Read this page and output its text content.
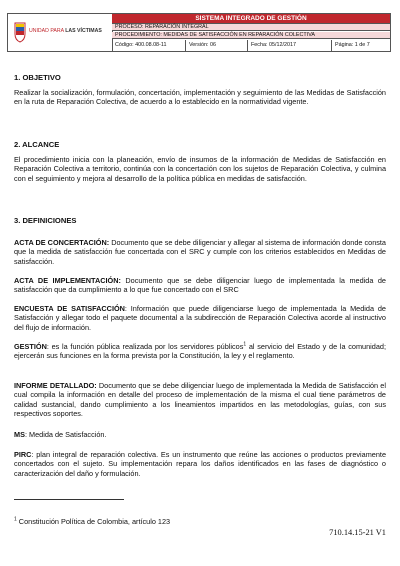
UNIDAD PARA LAS VÍCTIMAS
SISTEMA INTEGRADO DE GESTIÓN
PROCESO: REPARACIÓN INTEGRAL
PROCEDIMIENTO: MEDIDAS DE SATISFACCIÓN EN REPARACIÓN COLECTIVA
Código: 400.08.08-11	Versión: 06	Fecha: 05/12/2017	Página: 1 de 7
1. OBJETIVO
Realizar la socialización, formulación, concertación, implementación y seguimiento de las Medidas de Satisfacción en la ruta de Reparación Colectiva, de acuerdo a lo establecido en la normatividad vigente.
2. ALCANCE
El procedimiento inicia con la planeación, envío de insumos de la información de Medidas de Satisfacción en Reparación Colectiva a territorio, continúa con la concertación con los sujetos de Reparación Colectiva, y culmina con el seguimiento y mejora al desarrollo de la política pública en medidas de satisfacción.
3. DEFINICIONES
ACTA DE CONCERTACIÓN: Documento que se debe diligenciar y allegar al sistema de información donde consta que la medida de satisfacción fue concertada con el SRC y cumple con los criterios establecidos en Medidas de satisfacción.
ACTA DE IMPLEMENTACIÓN: Documento que se debe diligenciar luego de implementada la medida de satisfacción que da cumplimiento a lo que fue concertado con el SRC
ENCUESTA DE SATISFACCIÓN: Información que puede diligenciarse luego de implementada la Medida de Satisfacción y allegar todo el paquete documental a la subdirección de Reparación Colectiva acorde al instructivo del flujo de información.
GESTIÓN: es la función pública realizada por los servidores públicos$^1$ al servicio del Estado y de la comunidad; ejercerán sus funciones en la forma prevista por la Constitución, la ley y el reglamento.
INFORME DETALLADO: Documento que se debe diligenciar luego de implementada la Medida de Satisfacción el cual compila la información en detalle del proceso de implementación de la misma el cual tiene parámetros de calidad sustancial, dando cumplimiento a los lineamientos impartidos en las metodologías, guías, con sus respectivos soportes.
MS: Medida de Satisfacción.
PIRC: plan integral de reparación colectiva. Es un instrumento que reúne las acciones o productos previamente concertados con el sujeto. Su implementación repara los daños identificados en las fases de diagnóstico o caracterización del daño y formulación.
$^1$ Constitución Política de Colombia, artículo 123
710.14.15-21 V1
